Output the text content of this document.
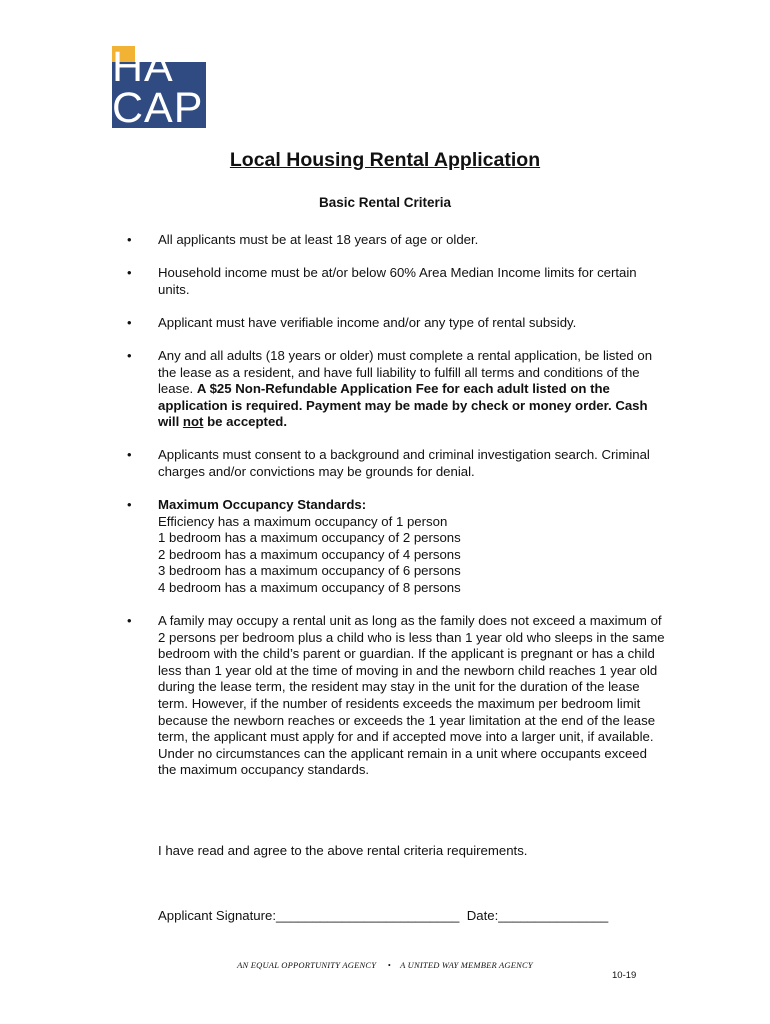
HA
CAP
Local Housing Rental Application
Basic Rental Criteria
• All applicants must be at least 18 years of age or older.

• Household income must be at/or below 60% Area Median Income limits for certain units.

• Applicant must have verifiable income and/or any type of rental subsidy.

• Any and all adults (18 years or older) must complete a rental application, be listed on the lease as a resident, and have full liability to fulfill all terms and conditions of the lease. A $25 Non-Refundable Application Fee for each adult listed on the application is required. Payment may be made by check or money order. Cash will not be accepted.

• Applicants must consent to a background and criminal investigation search. Criminal charges and/or convictions may be grounds for denial.

• Maximum Occupancy Standards:

Efficiency has a maximum occupancy of 1 person

1 bedroom has a maximum occupancy of 2 persons

2 bedroom has a maximum occupancy of 4 persons

3 bedroom has a maximum occupancy of 6 persons

4 bedroom has a maximum occupancy of 8 persons

• A family may occupy a rental unit as long as the family does not exceed a maximum of 2 persons per bedroom plus a child who is less than 1 year old who sleeps in the same bedroom with the child’s parent or guardian. If the applicant is pregnant or has a child less than 1 year old at the time of moving in and the newborn child reaches 1 year old during the lease term, the resident may stay in the unit for the duration of the lease term. However, if the number of residents exceeds the maximum per bedroom limit because the newborn reaches or exceeds the 1 year limitation at the end of the lease term, the applicant must apply for and if accepted move into a larger unit, if available. Under no circumstances can the applicant remain in a unit where occupants exceed the maximum occupancy standards.

I have read and agree to the above rental criteria requirements.
Applicant Signature:_________________________  Date:_______________
AN EQUAL OPPORTUNITY AGENCY • A UNITED WAY MEMBER AGENCY
10-19
